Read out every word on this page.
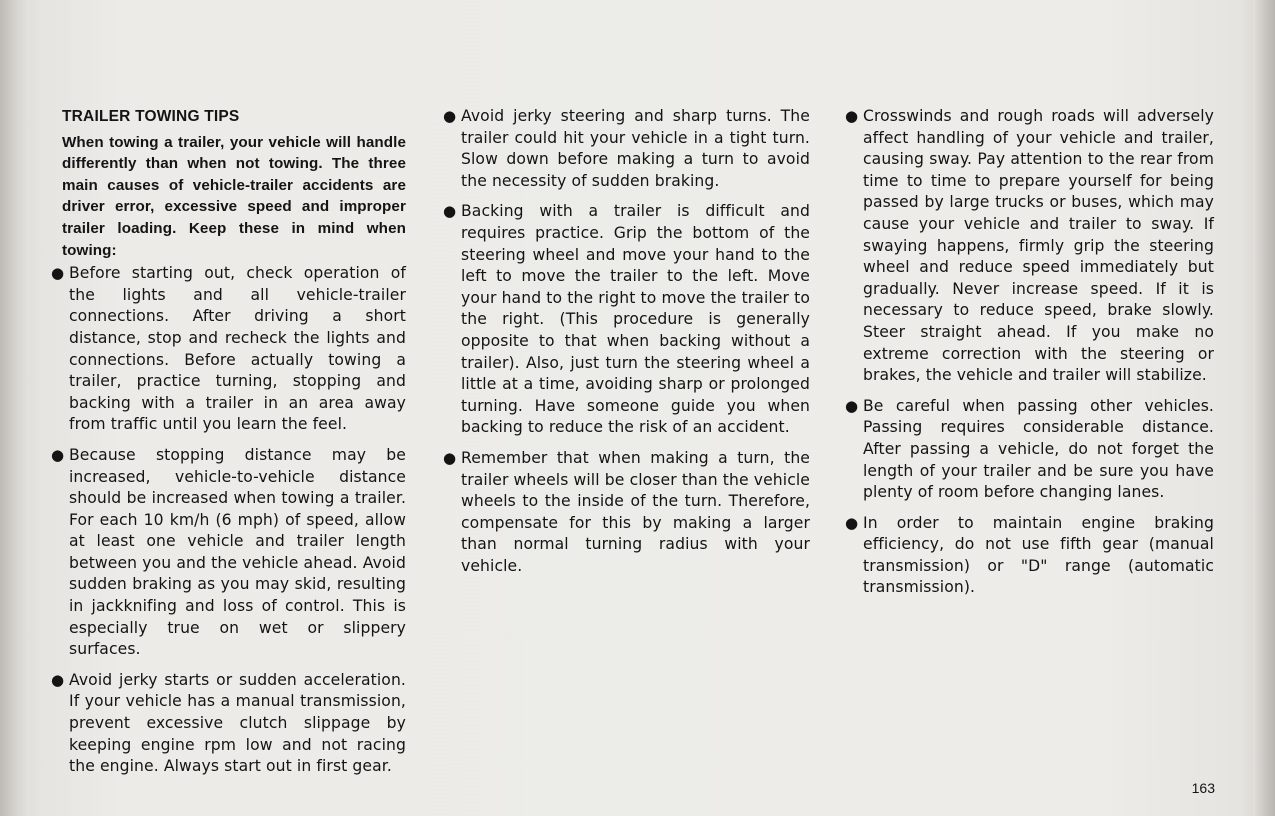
TRAILER TOWING TIPS
When towing a trailer, your vehicle will handle differently than when not towing. The three main causes of vehicle-trailer accidents are driver error, excessive speed and improper trailer loading. Keep these in mind when towing:
● Before starting out, check operation of the lights and all vehicle-trailer connections. After driving a short distance, stop and recheck the lights and connections. Before actually towing a trailer, practice turning, stopping and backing with a trailer in an area away from traffic until you learn the feel.
● Because stopping distance may be increased, vehicle-to-vehicle distance should be increased when towing a trailer. For each 10 km/h (6 mph) of speed, allow at least one vehicle and trailer length between you and the vehicle ahead. Avoid sudden braking as you may skid, resulting in jackknifing and loss of control. This is especially true on wet or slippery surfaces.
● Avoid jerky starts or sudden acceleration. If your vehicle has a manual transmission, prevent excessive clutch slippage by keeping engine rpm low and not racing the engine. Always start out in first gear.
● Avoid jerky steering and sharp turns. The trailer could hit your vehicle in a tight turn. Slow down before making a turn to avoid the necessity of sudden braking.
● Backing with a trailer is difficult and requires practice. Grip the bottom of the steering wheel and move your hand to the left to move the trailer to the left. Move your hand to the right to move the trailer to the right. (This procedure is generally opposite to that when backing without a trailer). Also, just turn the steering wheel a little at a time, avoiding sharp or prolonged turning. Have someone guide you when backing to reduce the risk of an accident.
● Remember that when making a turn, the trailer wheels will be closer than the vehicle wheels to the inside of the turn. Therefore, compensate for this by making a larger than normal turning radius with your vehicle.
● Crosswinds and rough roads will adversely affect handling of your vehicle and trailer, causing sway. Pay attention to the rear from time to time to prepare yourself for being passed by large trucks or buses, which may cause your vehicle and trailer to sway. If swaying happens, firmly grip the steering wheel and reduce speed immediately but gradually. Never increase speed. If it is necessary to reduce speed, brake slowly. Steer straight ahead. If you make no extreme correction with the steering or brakes, the vehicle and trailer will stabilize.
● Be careful when passing other vehicles. Passing requires considerable distance. After passing a vehicle, do not forget the length of your trailer and be sure you have plenty of room before changing lanes.
● In order to maintain engine braking efficiency, do not use fifth gear (manual transmission) or "D" range (automatic transmission).
163
